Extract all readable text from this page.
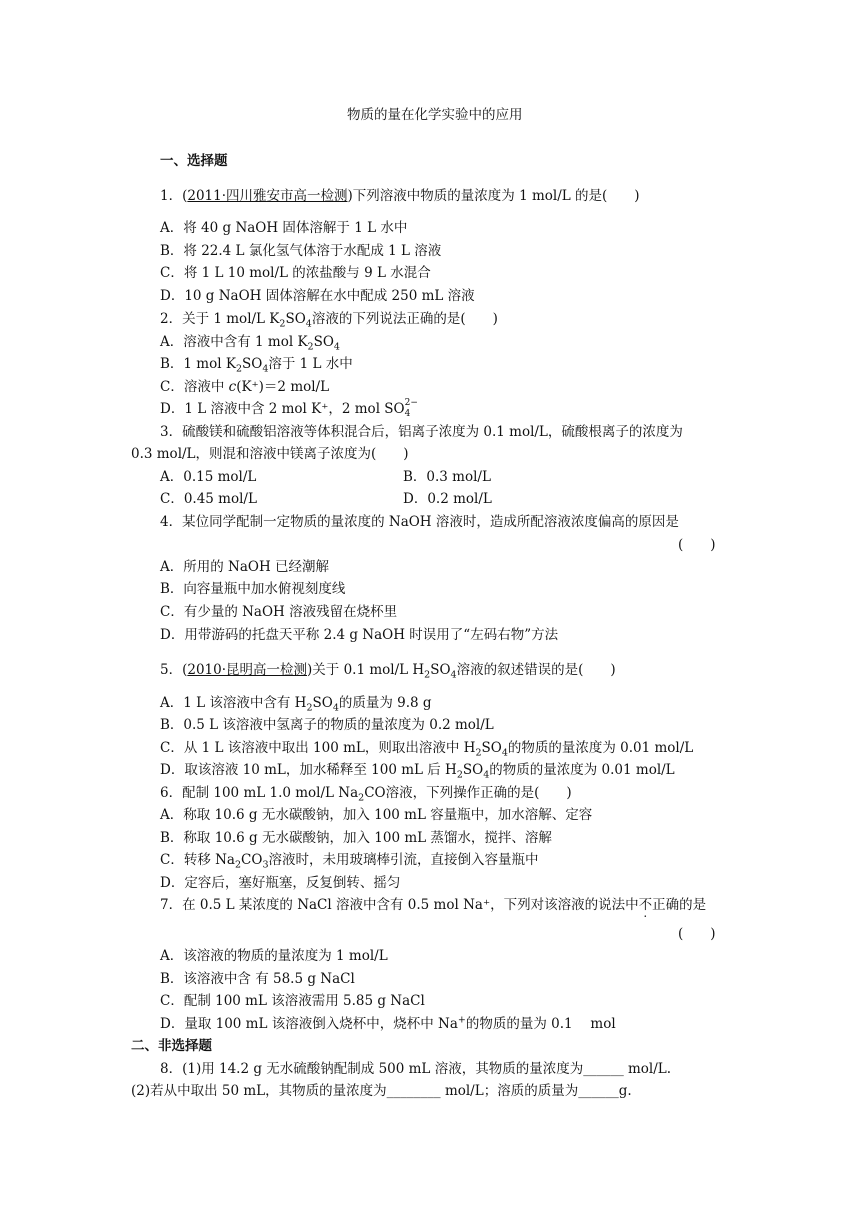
物质的量在化学实验中的应用
一、选择题
1．(2011·四川雅安市高一检测)下列溶液中物质的量浓度为 1 mol/L 的是(　　)
A．将 40 g NaOH 固体溶解于 1 L 水中
B．将 22.4 L 氯化氢气体溶于水配成 1 L 溶液
C．将 1 L 10 mol/L 的浓盐酸与 9 L 水混合
D．10 g NaOH 固体溶解在水中配成 250 mL 溶液
2．关于 1 mol/L $K_2SO_4$溶液的下列说法正确的是(　　)
A．溶液中含有 1 mol $K_2SO_4$
B．1 mol $K_2SO_4$溶于 1 L 水中
C．溶液中 c(K⁺)＝2 mol/L
D．1 L 溶液中含 2 mol K⁺，2 mol SO 2−
4
3．硫酸镁和硫酸铝溶液等体积混合后，铝离子浓度为 0.1 mol/L，硫酸根离子的浓度为
0.3 mol/L，则混和溶液中镁离子浓度为(　　)
A．0.15 mol/L	B．0.3 mol/L
C．0.45 mol/L	D．0.2 mol/L
4．某位同学配制一定物质的量浓度的 NaOH 溶液时，造成所配溶液浓度偏高的原因是
(　　)
A．所用的 NaOH 已经潮解
B．向容量瓶中加水俯视刻度线
C．有少量的 NaOH 溶液残留在烧杯里
D．用带游码的托盘天平称 2.4 g NaOH 时误用了“左码右物”方法
5．(2010·昆明高一检测)关于 0.1 mol/L $H_2SO_4$溶液的叙述错误的是(　　)
A．1 L 该溶液中含有 $H_2SO_4$的质量为 9.8 g
B．0.5 L 该溶液中氢离子的物质的量浓度为 0.2 mol/L
C．从 1 L 该溶液中取出 100 mL，则取出溶液中 $H_2SO_4$的物质的量浓度为 0.01 mol/L
D．取该溶液 10 mL，加水稀释至 100 mL 后 $H_2SO_4$的物质的量浓度为 0.01 mol/L
6．配制 100 mL 1.0 mol/L $Na_2CO$溶液，下列操作正确的是(　　)
A．称取 10.6 g 无水碳酸钠，加入 100 mL 容量瓶中，加水溶解、定容
B．称取 10.6 g 无水碳酸钠，加入 100 mL 蒸馏水，搅拌、溶解
C．转移 $Na_2CO_3$溶液时，未用玻璃棒引流，直接倒入容量瓶中
D．定容后，塞好瓶塞，反复倒转、摇匀
7．在 0.5 L 某浓度的 NaCl 溶液中含有 0.5 mol Na⁺，下列对该溶液的说法中不正确的是
(　　)
A．该溶液的物质的量浓度为 1 mol/L
B．该溶液中含 有 58.5 g NaCl
C．配制 100 mL 该溶液需用 5.85 g NaCl
D．量取 100 mL 该溶液倒入烧杯中，烧杯中 Na+的物质的量为 0.1　 mol
二、非选择题
8．(1)用 14.2 g 无水硫酸钠配制成 500 mL 溶液，其物质的量浓度为______ mol/L.
(2)若从中取出 50 mL，其物质的量浓度为________ mol/L；溶质的质量为______g.
